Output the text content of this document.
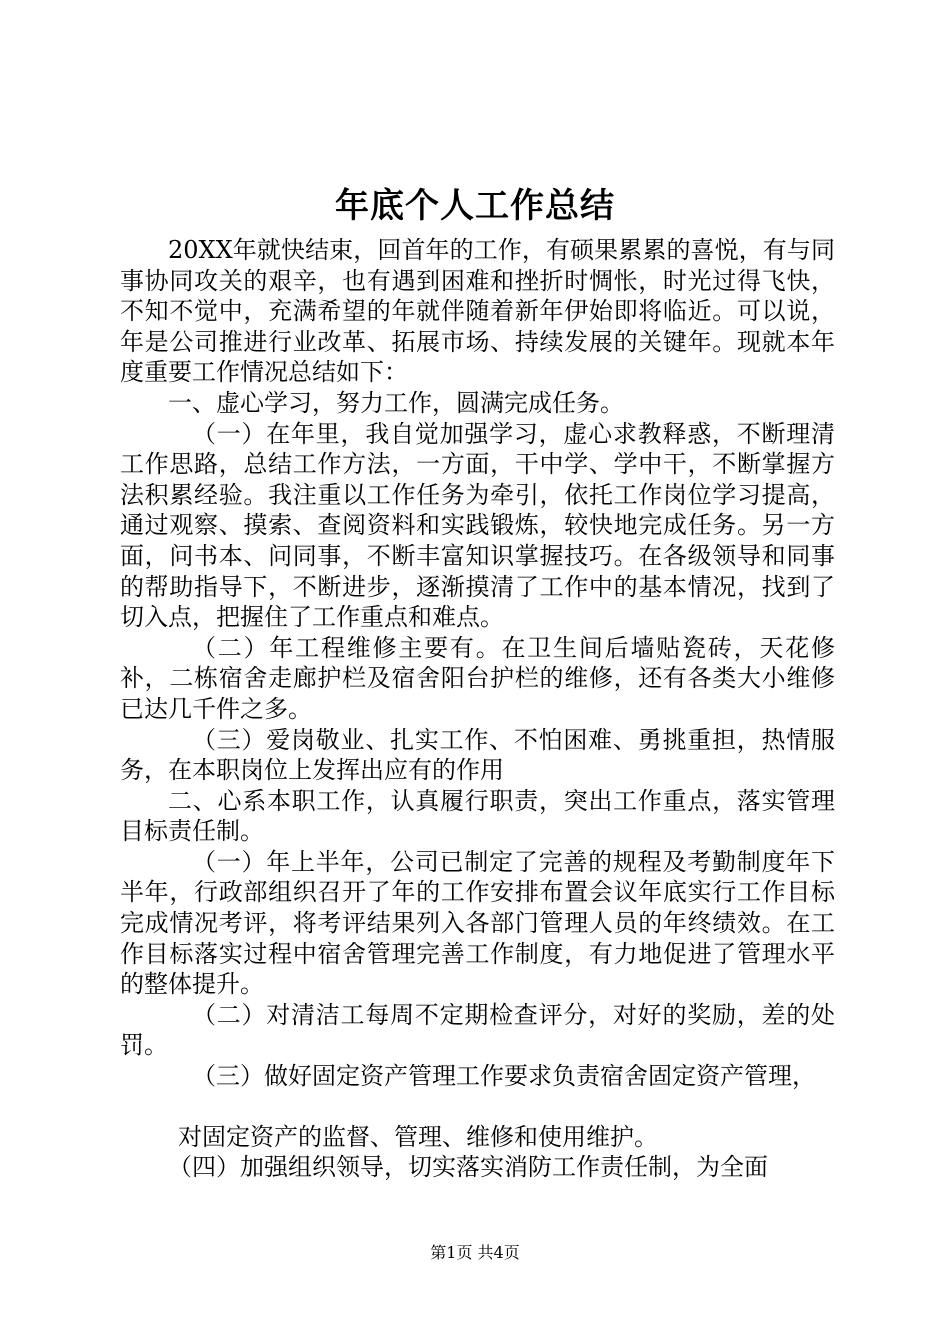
年底个人工作总结

20XX年就快结束，回首年的工作，有硕果累累的喜悦，有与同事协同攻关的艰辛，也有遇到困难和挫折时惆怅，时光过得飞快，不知不觉中，充满希望的年就伴随着新年伊始即将临近。可以说，年是公司推进行业改革、拓展市场、持续发展的关键年。现就本年度重要工作情况总结如下：

一、虚心学习，努力工作，圆满完成任务。

（一）在年里，我自觉加强学习，虚心求教释惑，不断理清工作思路，总结工作方法，一方面，干中学、学中干，不断掌握方法积累经验。我注重以工作任务为牵引，依托工作岗位学习提高，通过观察、摸索、查阅资料和实践锻炼，较快地完成任务。另一方面，问书本、问同事，不断丰富知识掌握技巧。在各级领导和同事的帮助指导下，不断进步，逐渐摸清了工作中的基本情况，找到了切入点，把握住了工作重点和难点。

（二）年工程维修主要有。在卫生间后墙贴瓷砖，天花修补，二栋宿舍走廊护栏及宿舍阳台护栏的维修，还有各类大小维修已达几千件之多。

（三）爱岗敬业、扎实工作、不怕困难、勇挑重担，热情服务，在本职岗位上发挥出应有的作用

二、心系本职工作，认真履行职责，突出工作重点，落实管理目标责任制。

（一）年上半年，公司已制定了完善的规程及考勤制度年下半年，行政部组织召开了年的工作安排布置会议年底实行工作目标完成情况考评，将考评结果列入各部门管理人员的年终绩效。在工作目标落实过程中宿舍管理完善工作制度，有力地促进了管理水平的整体提升。

（二）对清洁工每周不定期检查评分，对好的奖励，差的处罚。

（三）做好固定资产管理工作要求负责宿舍固定资产管理，

对固定资产的监督、管理、维修和使用维护。

（四）加强组织领导，切实落实消防工作责任制，为全面

第1页 共4页
